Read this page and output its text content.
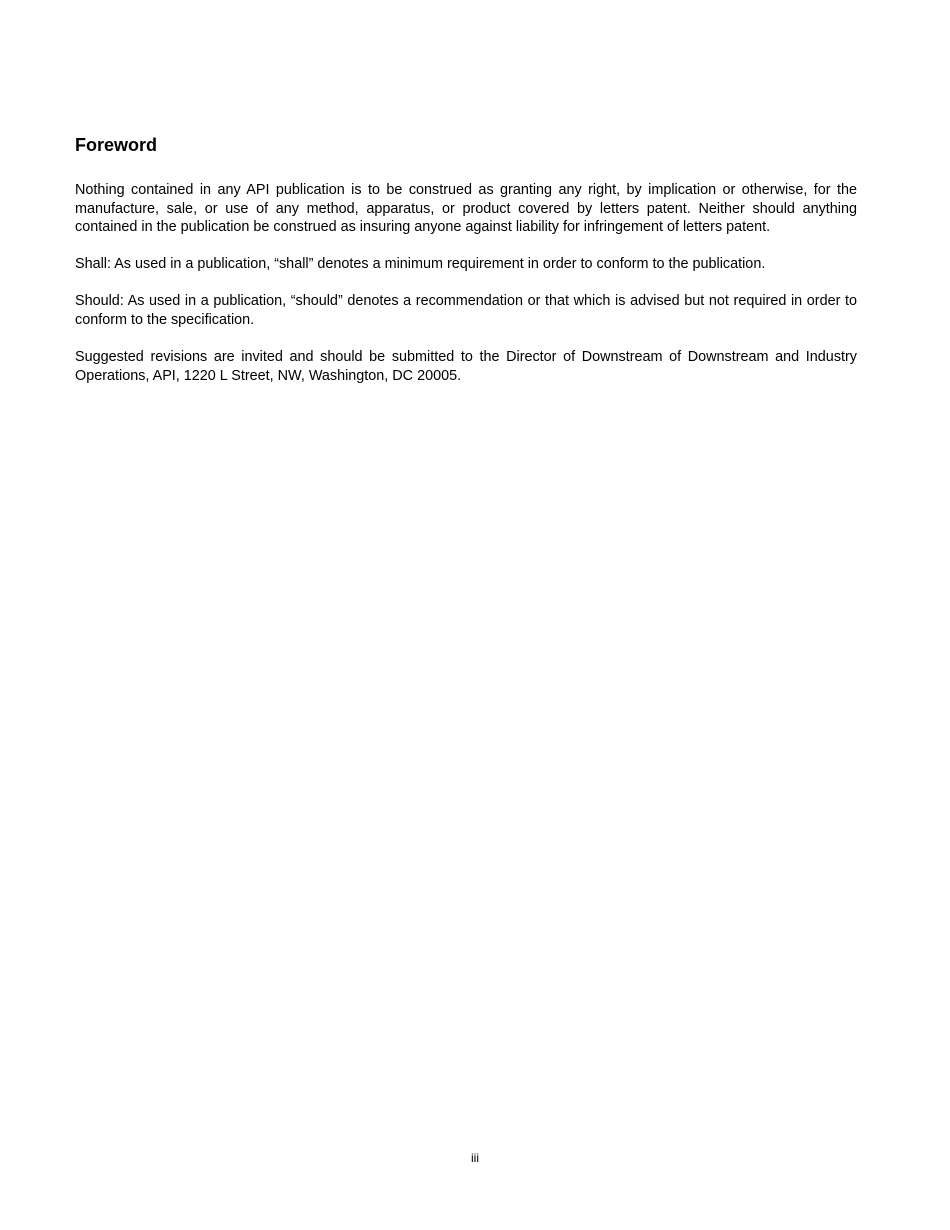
Foreword

Nothing contained in any API publication is to be construed as granting any right, by implication or otherwise, for the manufacture, sale, or use of any method, apparatus, or product covered by letters patent. Neither should anything contained in the publication be construed as insuring anyone against liability for infringement of letters patent.

Shall: As used in a publication, “shall” denotes a minimum requirement in order to conform to the publication.

Should: As used in a publication, “should” denotes a recommendation or that which is advised but not required in order to conform to the specification.

Suggested revisions are invited and should be submitted to the Director of Downstream of Downstream and Industry Operations, API, 1220 L Street, NW, Washington, DC 20005.

iii
